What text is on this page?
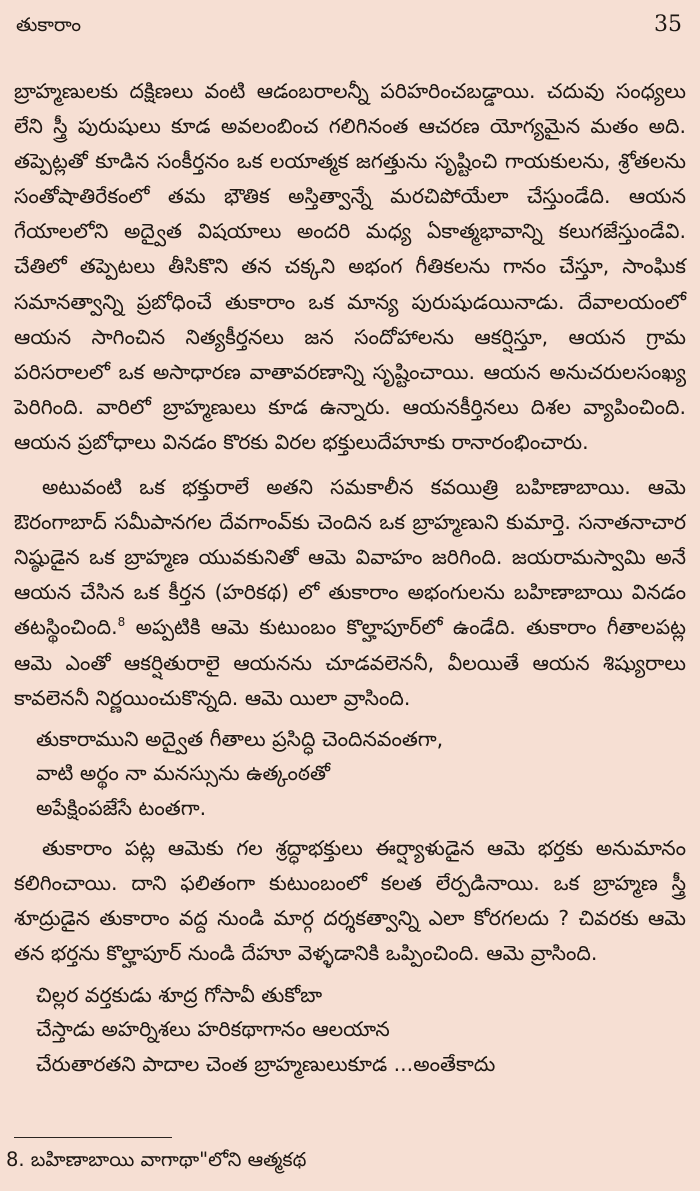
తుకారాం	35

బ్రాహ్మణులకు దక్షిణలు వంటి ఆడంబరాలన్నీ పరిహరించబడ్డాయి. చదువు సంధ్యలు లేని స్త్రీ పురుషులు కూడ అవలంబించ గలిగినంత ఆచరణ యోగ్యమైన మతం అది. తప్పెట్లతో కూడిన సంకీర్తనం ఒక లయాత్మక జగత్తును సృష్టించి గాయకులను, శ్రోతలను సంతోషాతిరేకంలో తమ భౌతిక అస్తిత్వాన్నే మరచిపోయేలా చేస్తుండేది. ఆయన గేయాలలోని అద్వైత విషయాలు అందరి మధ్య ఏకాత్మభావాన్ని కలుగజేస్తుండేవి. చేతిలో తప్పెటలు తీసికొని తన చక్కని అభంగ గీతికలను గానం చేస్తూ, సాంఘిక సమానత్వాన్ని ప్రబోధించే తుకారాం ఒక మాన్య పురుషుడయినాడు. దేవాలయంలో ఆయన సాగించిన నిత్యకీర్తనలు జన సందోహాలను ఆకర్షిస్తూ, ఆయన గ్రామ పరిసరాలలో ఒక అసాధారణ వాతావరణాన్ని సృష్టించాయి. ఆయన అనుచరులసంఖ్య పెరిగింది. వారిలో బ్రాహ్మణులు కూడ ఉన్నారు. ఆయనకీర్తినలు దిశల వ్యాపించింది. ఆయన ప్రబోధాలు వినడం కొరకు విరల భక్తులుదేహూకు రానారంభించారు.

అటువంటి ఒక భక్తురాలే అతని సమకాలీన కవయిత్రి బహిణాబాయి. ఆమె ఔరంగాబాద్ సమీపానగల దేవగాంవ్‌కు చెందిన ఒక బ్రాహ్మణుని కుమార్తె. సనాతనాచార నిష్ఠుడైన ఒక బ్రాహ్మణ యువకునితో ఆమె వివాహం జరిగింది. జయరామస్వామి అనే ఆయన చేసిన ఒక కీర్తన (హరికథ) లో తుకారాం అభంగులను బహిణాబాయి వినడం తటస్థించింది.$^8$ అప్పటికి ఆమె కుటుంబం కొల్హాపూర్‌లో ఉండేది. తుకారాం గీతాలపట్ల ఆమె ఎంతో ఆకర్షితురాలై ఆయనను చూడవలెననీ, వీలయితే ఆయన శిష్యురాలు కావలెననీ నిర్ణయించుకొన్నది. ఆమె యిలా వ్రాసింది.

తుకారాముని అద్వైత గీతాలు ప్రసిద్ధి చెందినవంతగా,
వాటి అర్థం నా మనస్సును ఉత్కంఠతో
అపేక్షింపజేసే టంతగా.

తుకారాం పట్ల ఆమెకు గల శ్రద్ధాభక్తులు ఈర్ష్యాళుడైన ఆమె భర్తకు అనుమానం కలిగించాయి. దాని ఫలితంగా కుటుంబంలో కలత లేర్పడినాయి. ఒక బ్రాహ్మణ స్త్రీ శూద్రుడైన తుకారాం వద్ద నుండి మార్గ దర్శకత్వాన్ని ఎలా కోరగలదు ? చివరకు ఆమె తన భర్తను కొల్హాపూర్ నుండి దేహూ వెళ్ళడానికి ఒప్పించింది. ఆమె వ్రాసింది.

చిల్లర వర్తకుడు శూద్ర గోసావీ తుకోబా
చేస్తాడు అహర్నిశలు హరికథాగానం ఆలయాన
చేరుతారతని పాదాల చెంత బ్రాహ్మణులుకూడ ...అంతేకాదు
8. బహిణాబాయి వాగాథా"లోని ఆత్మకథ
